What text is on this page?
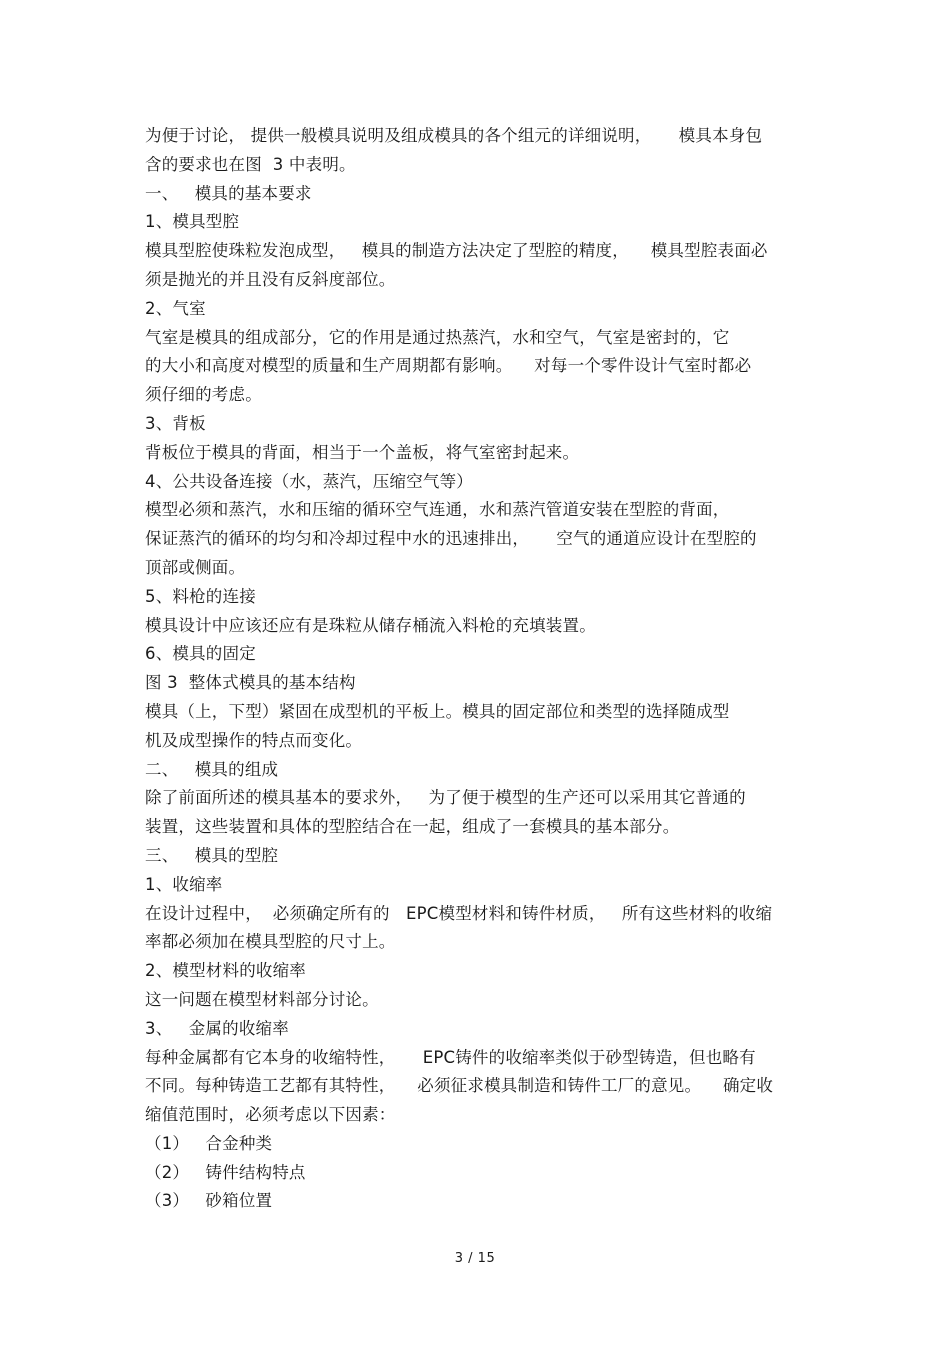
为便于讨论， 提供一般模具说明及组成模具的各个组元的详细说明，     模具本身包
含的要求也在图  3 中表明。
一、   模具的基本要求
1、模具型腔
模具型腔使珠粒发泡成型，   模具的制造方法决定了型腔的精度，    模具型腔表面必
须是抛光的并且没有反斜度部位。
2、气室
气室是模具的组成部分，它的作用是通过热蒸汽，水和空气，气室是密封的，它
的大小和高度对模型的质量和生产周期都有影响。    对每一个零件设计气室时都必
须仔细的考虑。
3、背板
背板位于模具的背面，相当于一个盖板，将气室密封起来。
4、公共设备连接（水，蒸汽，压缩空气等）
模型必须和蒸汽，水和压缩的循环空气连通，水和蒸汽管道安装在型腔的背面，
保证蒸汽的循环的均匀和冷却过程中水的迅速排出，     空气的通道应设计在型腔的
顶部或侧面。
5、料枪的连接
模具设计中应该还应有是珠粒从储存桶流入料枪的充填装置。
6、模具的固定
图 3  整体式模具的基本结构
模具（上，下型）紧固在成型机的平板上。模具的固定部位和类型的选择随成型
机及成型操作的特点而变化。
二、   模具的组成
除了前面所述的模具基本的要求外，   为了便于模型的生产还可以采用其它普通的
装置，这些装置和具体的型腔结合在一起，组成了一套模具的基本部分。
三、   模具的型腔
1、收缩率
在设计过程中，  必须确定所有的   EPC模型材料和铸件材质，   所有这些材料的收缩
率都必须加在模具型腔的尺寸上。
2、模型材料的收缩率
这一问题在模型材料部分讨论。
3、   金属的收缩率
每种金属都有它本身的收缩特性，     EPC铸件的收缩率类似于砂型铸造，但也略有
不同。每种铸造工艺都有其特性，    必须征求模具制造和铸件工厂的意见。    确定收
缩值范围时，必须考虑以下因素：
（1）   合金种类
（2）   铸件结构特点
（3）   砂箱位置
3 / 15
